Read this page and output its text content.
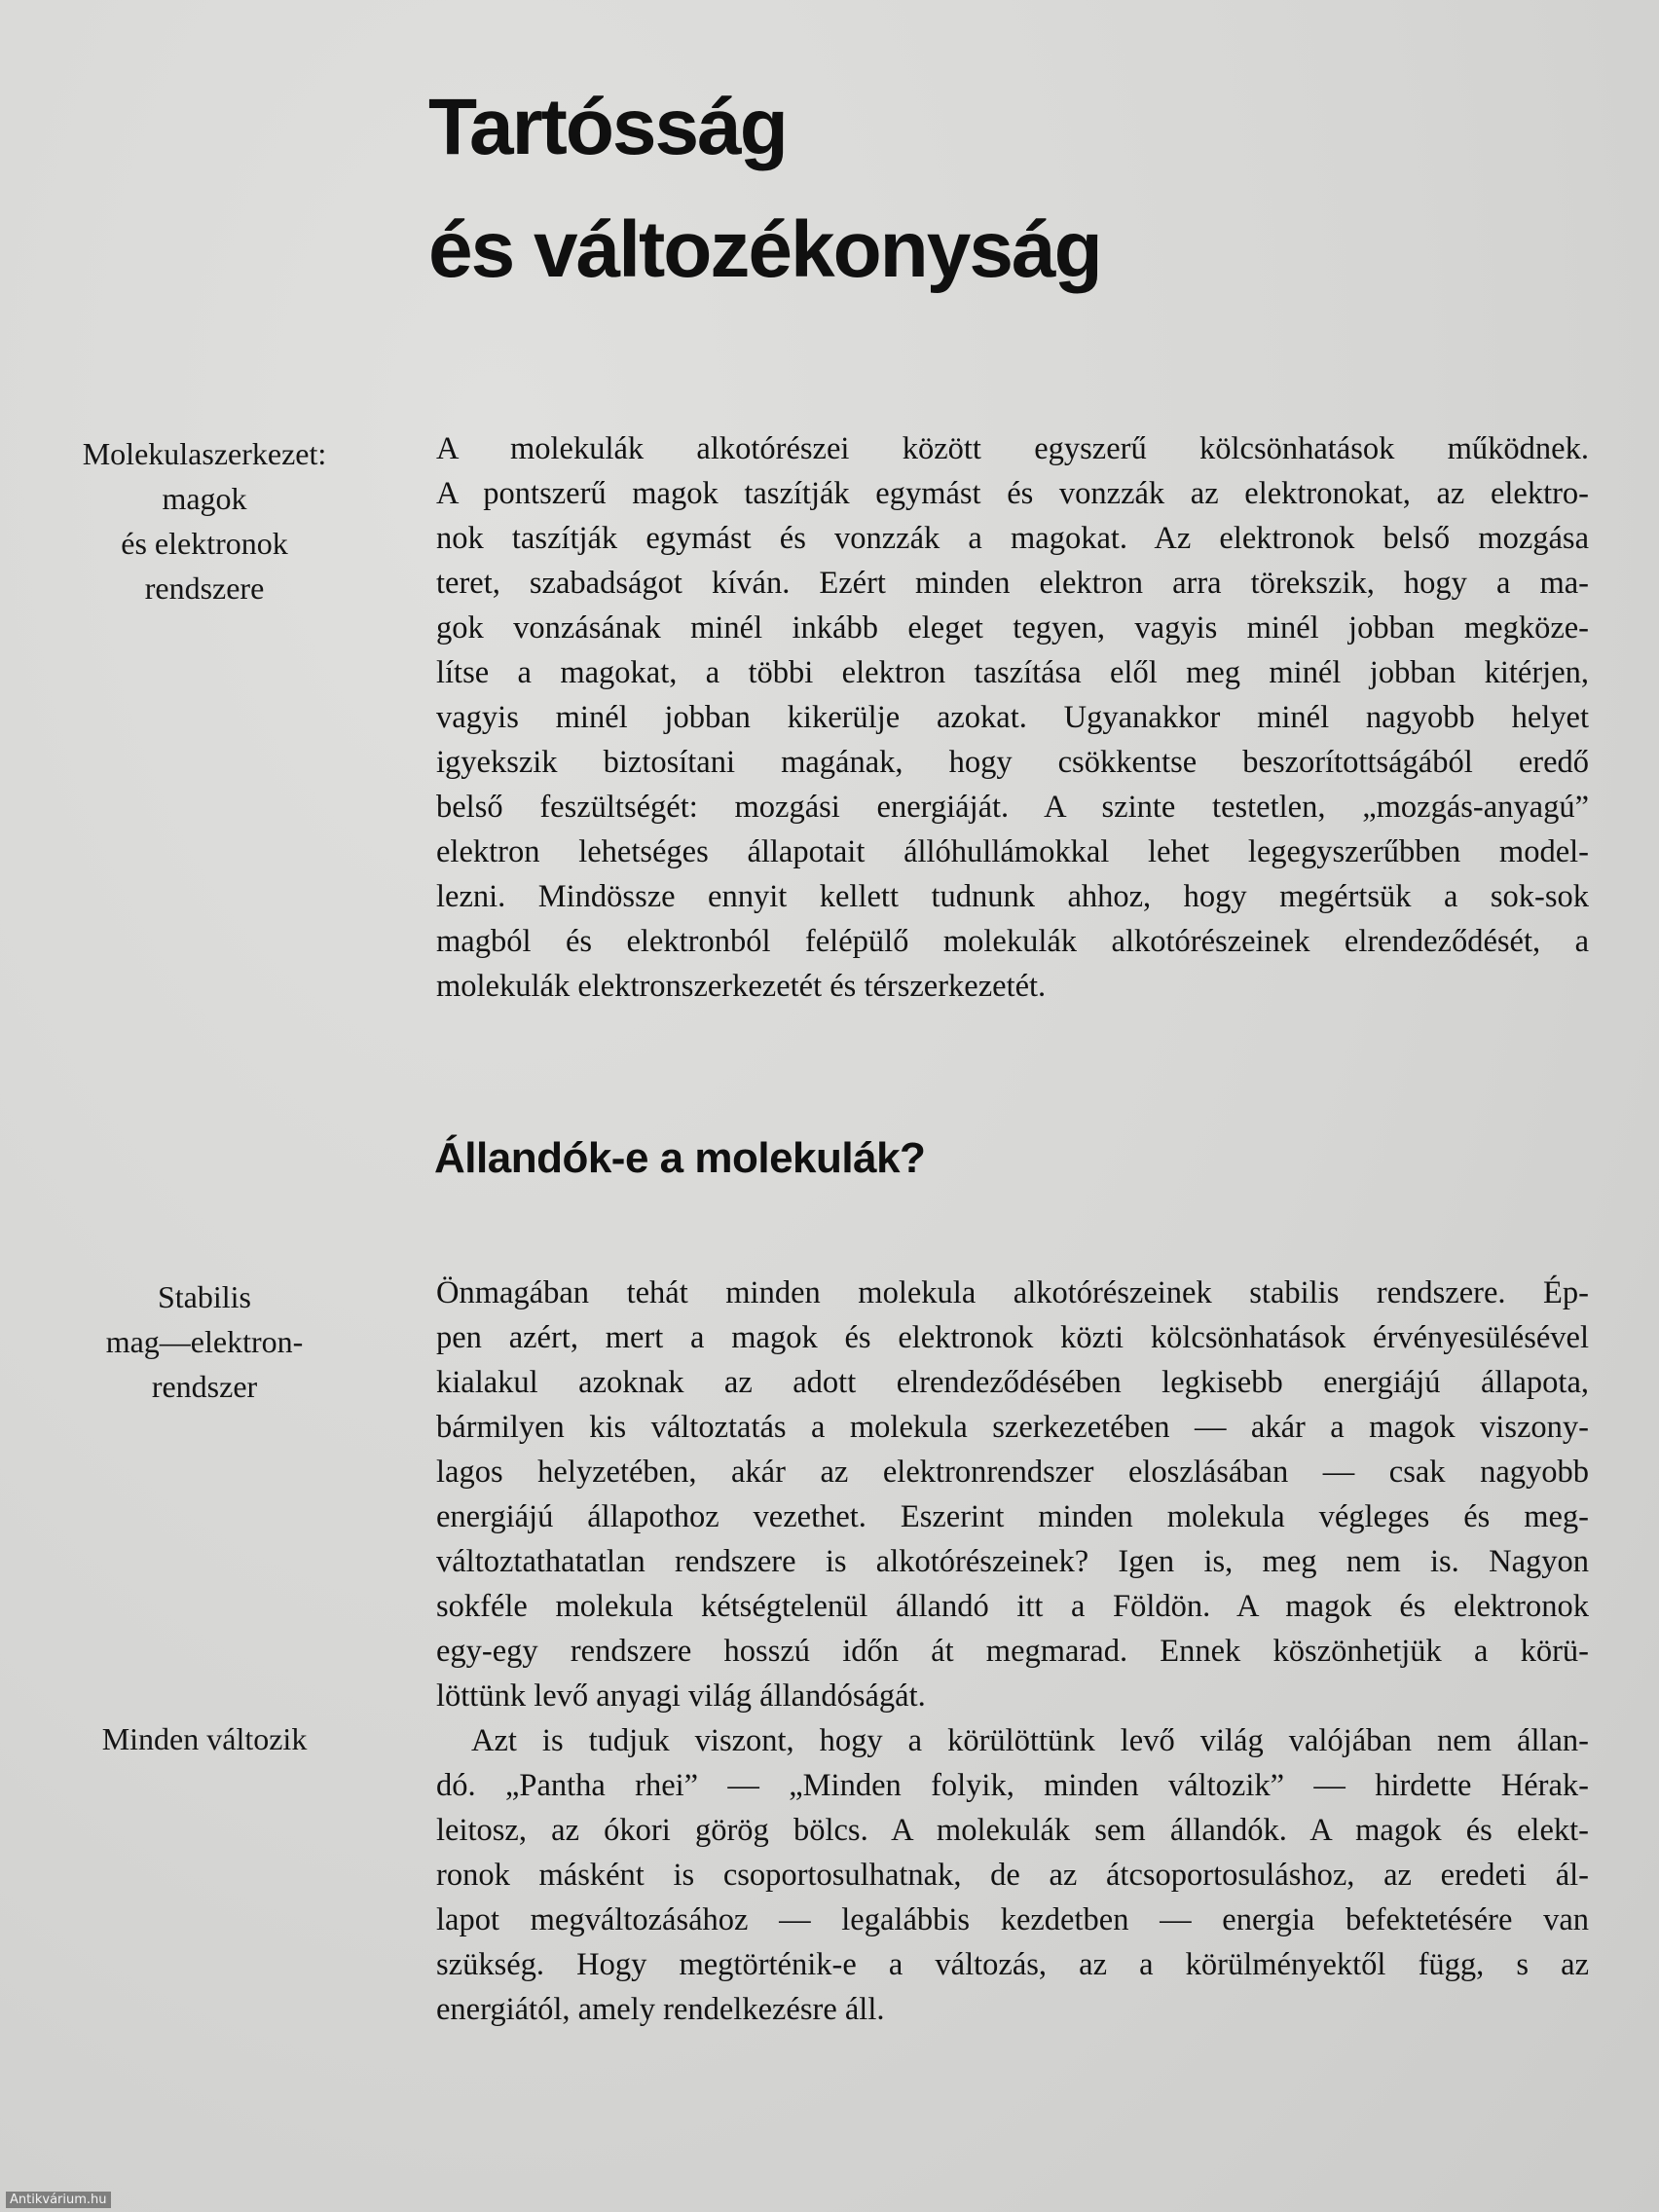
Tartósság
és változékonyság
Molekulaszerkezet:
magok
és elektronok
rendszere
A molekulák alkotórészei között egyszerű kölcsönhatások működnek.
A pontszerű magok taszítják egymást és vonzzák az elektronokat, az elektro-
nok taszítják egymást és vonzzák a magokat. Az elektronok belső mozgása
teret, szabadságot kíván. Ezért minden elektron arra törekszik, hogy a ma-
gok vonzásának minél inkább eleget tegyen, vagyis minél jobban megköze-
lítse a magokat, a többi elektron taszítása elől meg minél jobban kitérjen,
vagyis minél jobban kikerülje azokat. Ugyanakkor minél nagyobb helyet
igyekszik biztosítani magának, hogy csökkentse beszorítottságából eredő
belső feszültségét: mozgási energiáját. A szinte testetlen, „mozgás-anyagú”
elektron lehetséges állapotait állóhullámokkal lehet legegyszerűbben model-
lezni. Mindössze ennyit kellett tudnunk ahhoz, hogy megértsük a sok-sok
magból és elektronból felépülő molekulák alkotórészeinek elrendeződését, a
molekulák elektronszerkezetét és térszerkezetét.
Állandók-e a molekulák?
Stabilis
mag—elektron-
rendszer
Önmagában tehát minden molekula alkotórészeinek stabilis rendszere. Ép-
pen azért, mert a magok és elektronok közti kölcsönhatások érvényesülésével
kialakul azoknak az adott elrendeződésében legkisebb energiájú állapota,
bármilyen kis változtatás a molekula szerkezetében — akár a magok viszony-
lagos helyzetében, akár az elektronrendszer eloszlásában — csak nagyobb
energiájú állapothoz vezethet. Eszerint minden molekula végleges és meg-
változtathatatlan rendszere is alkotórészeinek? Igen is, meg nem is. Nagyon
sokféle molekula kétségtelenül állandó itt a Földön. A magok és elektronok
egy-egy rendszere hosszú időn át megmarad. Ennek köszönhetjük a körü-
löttünk levő anyagi világ állandóságát.
Minden változik	Azt is tudjuk viszont, hogy a körülöttünk levő világ valójában nem állan-
dó. „Pantha rhei” — „Minden folyik, minden változik” — hirdette Hérak-
leitosz, az ókori görög bölcs. A molekulák sem állandók. A magok és elekt-
ronok másként is csoportosulhatnak, de az átcsoportosuláshoz, az eredeti ál-
lapot megváltozásához — legalábbis kezdetben — energia befektetésére van
szükség. Hogy megtörténik-e a változás, az a körülményektől függ, s az
energiától, amely rendelkezésre áll.
Antikvárium.hu
